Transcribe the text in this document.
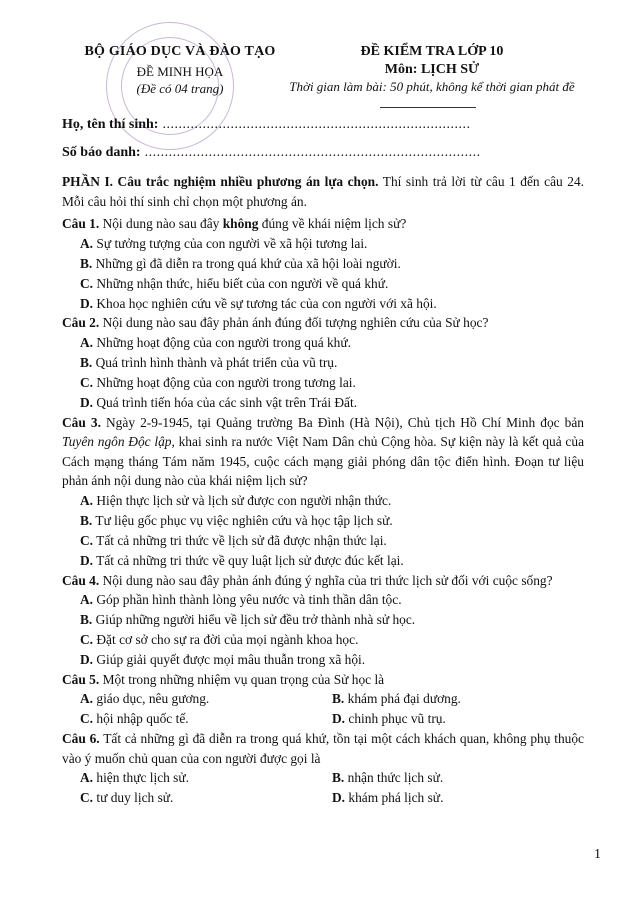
BỘ GIÁO DỤC VÀ ĐÀO TẠO
ĐỀ MINH HỌA
(Đề có 04 trang)
ĐỀ KIỂM TRA LỚP 10
Môn: LỊCH SỬ
Thời gian làm bài: 50 phút, không kể thời gian phát đề
Họ, tên thí sinh: .............................................................................
Số báo danh: ....................................................................................

PHẦN I. Câu trắc nghiệm nhiều phương án lựa chọn. Thí sinh trả lời từ câu 1 đến câu 24. Mỗi câu hỏi thí sinh chỉ chọn một phương án.

Câu 1. Nội dung nào sau đây không đúng về khái niệm lịch sử?

A. Sự tưởng tượng của con người về xã hội tương lai.

B. Những gì đã diễn ra trong quá khứ của xã hội loài người.

C. Những nhận thức, hiểu biết của con người về quá khứ.

D. Khoa học nghiên cứu về sự tương tác của con người với xã hội.

Câu 2. Nội dung nào sau đây phản ánh đúng đối tượng nghiên cứu của Sử học?

A. Những hoạt động của con người trong quá khứ.

B. Quá trình hình thành và phát triển của vũ trụ.

C. Những hoạt động của con người trong tương lai.

D. Quá trình tiến hóa của các sinh vật trên Trái Đất.

Câu 3. Ngày 2-9-1945, tại Quảng trường Ba Đình (Hà Nội), Chủ tịch Hồ Chí Minh đọc bản Tuyên ngôn Độc lập, khai sinh ra nước Việt Nam Dân chủ Cộng hòa. Sự kiện này là kết quả của Cách mạng tháng Tám năm 1945, cuộc cách mạng giải phóng dân tộc điển hình. Đoạn tư liệu phản ánh nội dung nào của khái niệm lịch sử?

A. Hiện thực lịch sử và lịch sử được con người nhận thức.

B. Tư liệu gốc phục vụ việc nghiên cứu và học tập lịch sử.

C. Tất cả những tri thức về lịch sử đã được nhận thức lại.

D. Tất cả những tri thức về quy luật lịch sử được đúc kết lại.

Câu 4. Nội dung nào sau đây phản ánh đúng ý nghĩa của tri thức lịch sử đối với cuộc sống?

A. Góp phần hình thành lòng yêu nước và tinh thần dân tộc.

B. Giúp những người hiểu về lịch sử đều trở thành nhà sử học.

C. Đặt cơ sở cho sự ra đời của mọi ngành khoa học.

D. Giúp giải quyết được mọi mâu thuẫn trong xã hội.

Câu 5. Một trong những nhiệm vụ quan trọng của Sử học là

A. giáo dục, nêu gương.	B. khám phá đại dương.
C. hội nhập quốc tế.	D. chinh phục vũ trụ.

Câu 6. Tất cả những gì đã diễn ra trong quá khứ, tồn tại một cách khách quan, không phụ thuộc vào ý muốn chủ quan của con người được gọi là

A. hiện thực lịch sử.	B. nhận thức lịch sử.
C. tư duy lịch sử.	D. khám phá lịch sử.
1
